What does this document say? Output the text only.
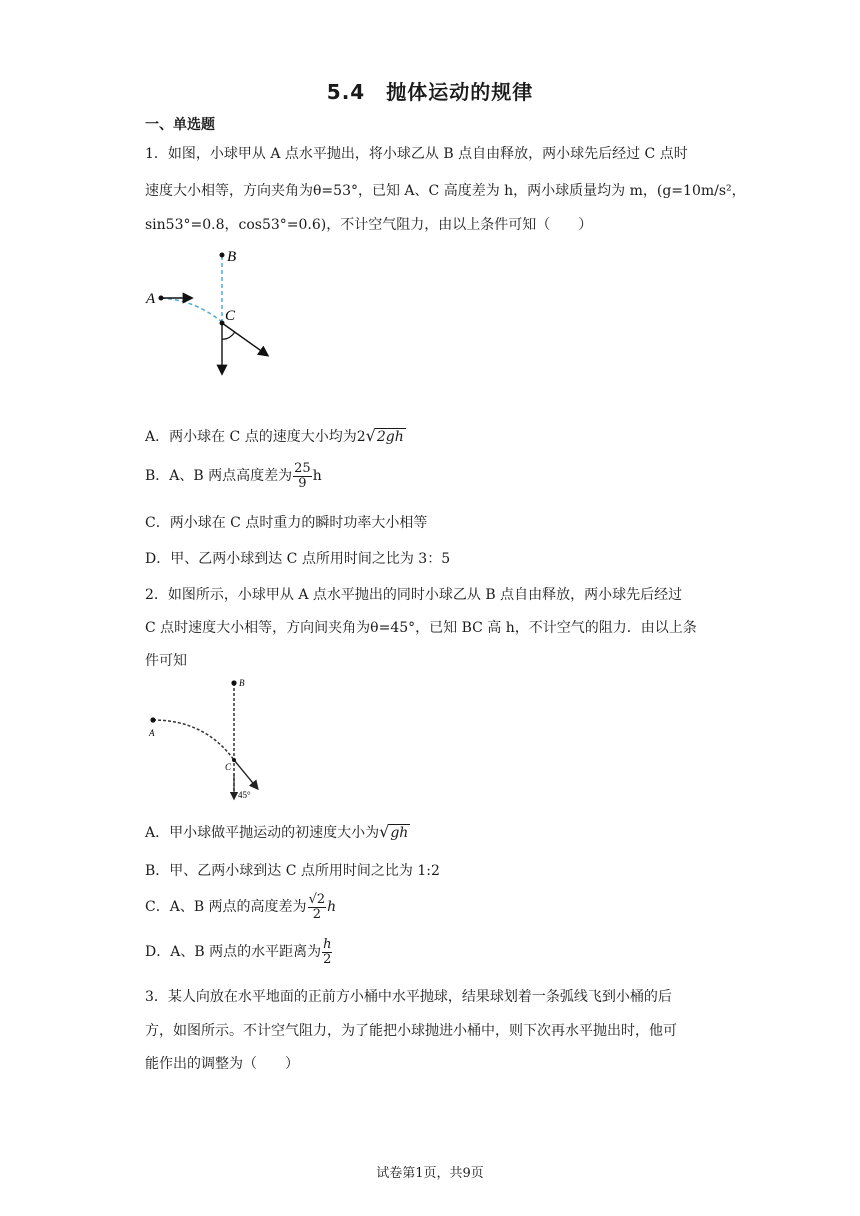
5.4　抛体运动的规律
一、单选题
1．如图，小球甲从 A 点水平抛出，将小球乙从 B 点自由释放，两小球先后经过 C 点时
速度大小相等，方向夹角为θ=53°，已知 A、C 高度差为 h，两小球质量均为 m，(g=10m/s²，
sin53°=0.8，cos53°=0.6)，不计空气阻力，由以上条件可知（　　）
B
A
C
A．两小球在 C 点的速度大小均为2√2gh
B．A、B 两点高度差为 $\frac{25}{9}$ h
C．两小球在 C 点时重力的瞬时功率大小相等
D．甲、乙两小球到达 C 点所用时间之比为 3：5
2．如图所示，小球甲从 A 点水平抛出的同时小球乙从 B 点自由释放，两小球先后经过
C 点时速度大小相等，方向间夹角为θ=45°，已知 BC 高 h，不计空气的阻力．由以上条
件可知
B
A
C
45°
A．甲小球做平抛运动的初速度大小为√gh
B．甲、乙两小球到达 C 点所用时间之比为 1:2
C．A、B 两点的高度差为 $\frac{√2}{2}$ h
D．A、B 两点的水平距离为 $\frac{h}{2}$
3．某人向放在水平地面的正前方小桶中水平抛球，结果球划着一条弧线飞到小桶的后
方，如图所示。不计空气阻力，为了能把小球抛进小桶中，则下次再水平抛出时，他可
能作出的调整为（　　）
试卷第1页，共9页
